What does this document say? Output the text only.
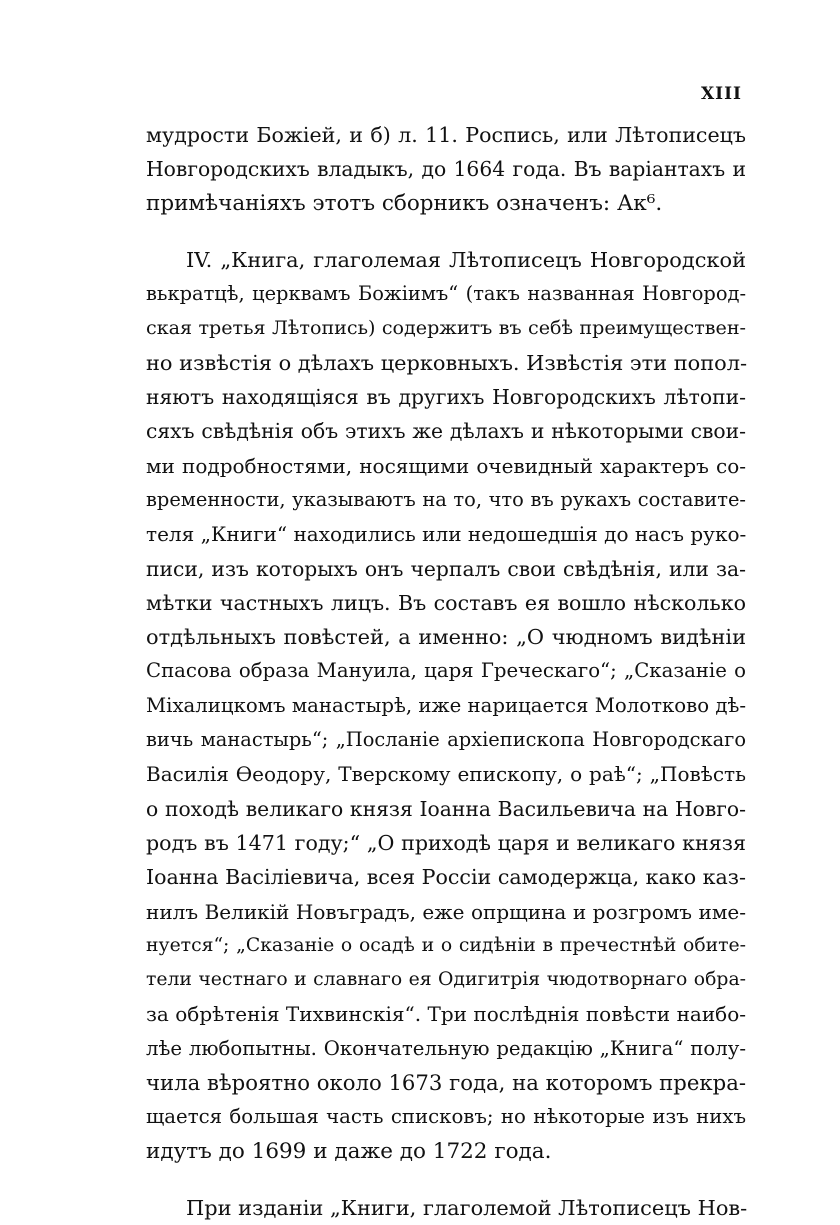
XIII
мудрости Божіей, и б) л. 11. Роспись, или Лѣтописецъ
Новгородскихъ владыкъ, до 1664 года. Въ варіантахъ и
примѣчаніяхъ этотъ сборникъ означенъ: Ак⁶.
IV. „Книга, глаголемая Лѣтописецъ Новгородской
вькратцѣ, церквамъ Божіимъ“ (такъ названная Новгород-
ская третья Лѣтопись) содержитъ въ себѣ преимуществен-
но извѣстія о дѣлахъ церковныхъ. Извѣстія эти попол-
няютъ находящіяся въ другихъ Новгородскихъ лѣтопи-
сяхъ свѣдѣнія объ этихъ же дѣлахъ и нѣкоторыми свои-
ми подробностями, носящими очевидный характеръ со-
временности, указываютъ на то, что въ рукахъ составите-
теля „Книги“ находились или недошедшія до насъ руко-
писи, изъ которыхъ онъ черпалъ свои свѣдѣнія, или за-
мѣтки частныхъ лицъ. Въ составъ ея вошло нѣсколько
отдѣльныхъ повѣстей, а именно: „О чюдномъ видѣніи
Спасова образа Мануила, царя Греческаго“; „Сказаніе о
Міхалицкомъ манастырѣ, иже нарицается Молотково дѣ-
вичь манастырь“; „Посланіе архіепископа Новгородскаго
Василія Ѳеодору, Тверскому епископу, о раѣ“; „Повѣсть
о походѣ великаго князя Іоанна Васильевича на Новго-
родъ въ 1471 году;“ „О приходѣ царя и великаго князя
Іоанна Васіліевича, всея Россіи самодержца, како каз-
нилъ Великій Новъградъ, еже опрщина и розгромъ име-
нуется“; „Сказаніе о осадѣ и о сидѣніи в пречестнѣй обите-
тели честнаго и славнаго ея Одигитрія чюдотворнаго обра-
за обрѣтенія Тихвинскія“. Три послѣднія повѣсти наибо-
лѣе любопытны. Окончательную редакцію „Книга“ полу-
чила вѣроятно около 1673 года, на которомъ прекра-
щается большая часть списковъ; но нѣкоторые изъ нихъ
идутъ до 1699 и даже до 1722 года.
При изданіи „Книги, глаголемой Лѣтописецъ Нов-
